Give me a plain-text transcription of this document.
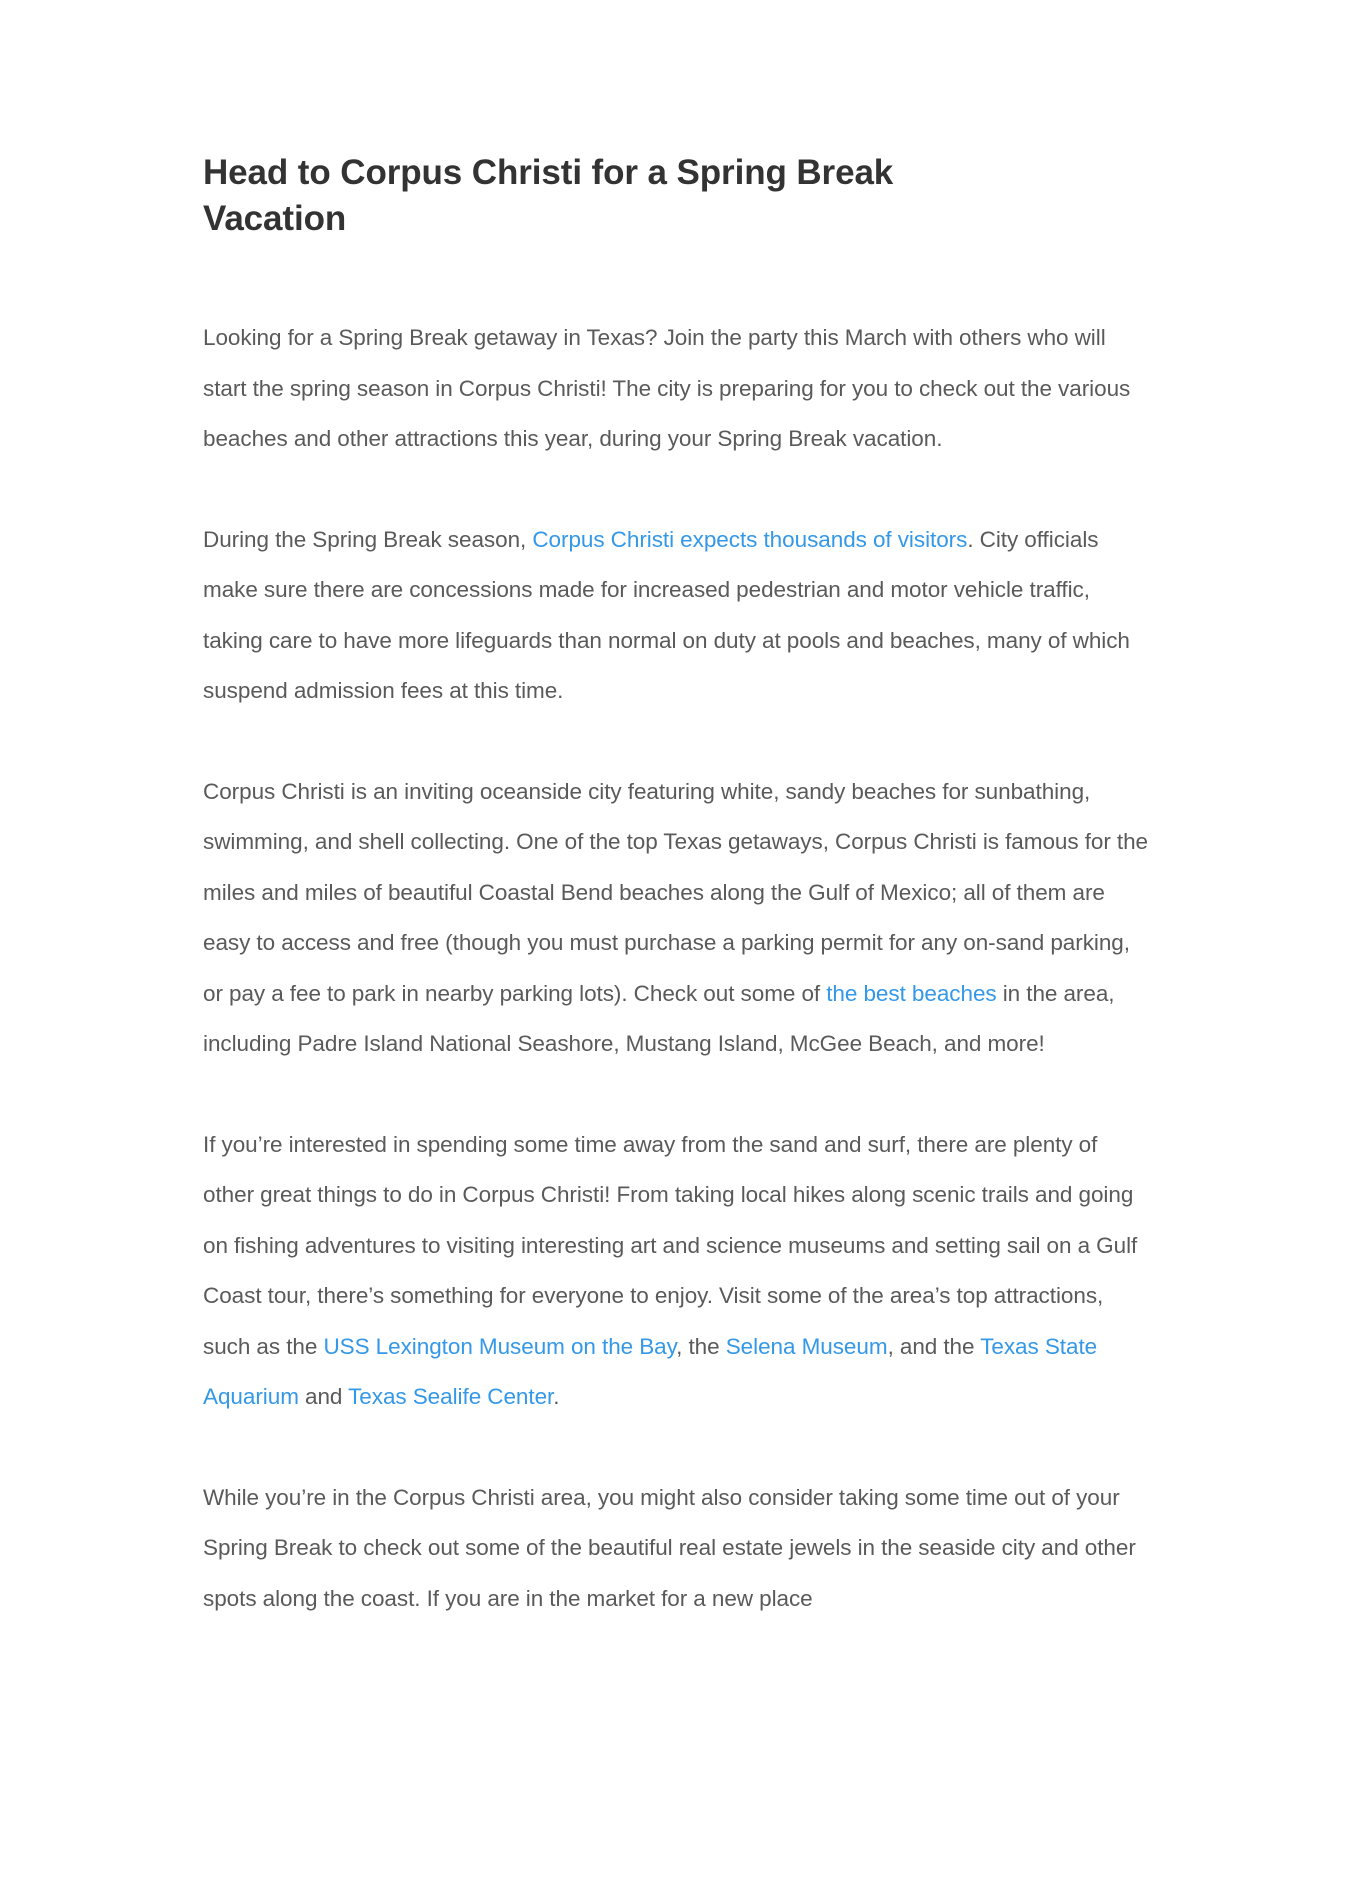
Head to Corpus Christi for a Spring Break Vacation

Looking for a Spring Break getaway in Texas? Join the party this March with others who will start the spring season in Corpus Christi! The city is preparing for you to check out the various beaches and other attractions this year, during your Spring Break vacation.

During the Spring Break season, Corpus Christi expects thousands of visitors. City officials make sure there are concessions made for increased pedestrian and motor vehicle traffic, taking care to have more lifeguards than normal on duty at pools and beaches, many of which suspend admission fees at this time.

Corpus Christi is an inviting oceanside city featuring white, sandy beaches for sunbathing, swimming, and shell collecting. One of the top Texas getaways, Corpus Christi is famous for the miles and miles of beautiful Coastal Bend beaches along the Gulf of Mexico; all of them are easy to access and free (though you must purchase a parking permit for any on-sand parking, or pay a fee to park in nearby parking lots). Check out some of the best beaches in the area, including Padre Island National Seashore, Mustang Island, McGee Beach, and more!

If you’re interested in spending some time away from the sand and surf, there are plenty of other great things to do in Corpus Christi! From taking local hikes along scenic trails and going on fishing adventures to visiting interesting art and science museums and setting sail on a Gulf Coast tour, there’s something for everyone to enjoy. Visit some of the area’s top attractions, such as the USS Lexington Museum on the Bay, the Selena Museum, and the Texas State Aquarium and Texas Sealife Center.

While you’re in the Corpus Christi area, you might also consider taking some time out of your Spring Break to check out some of the beautiful real estate jewels in the seaside city and other spots along the coast. If you are in the market for a new place
